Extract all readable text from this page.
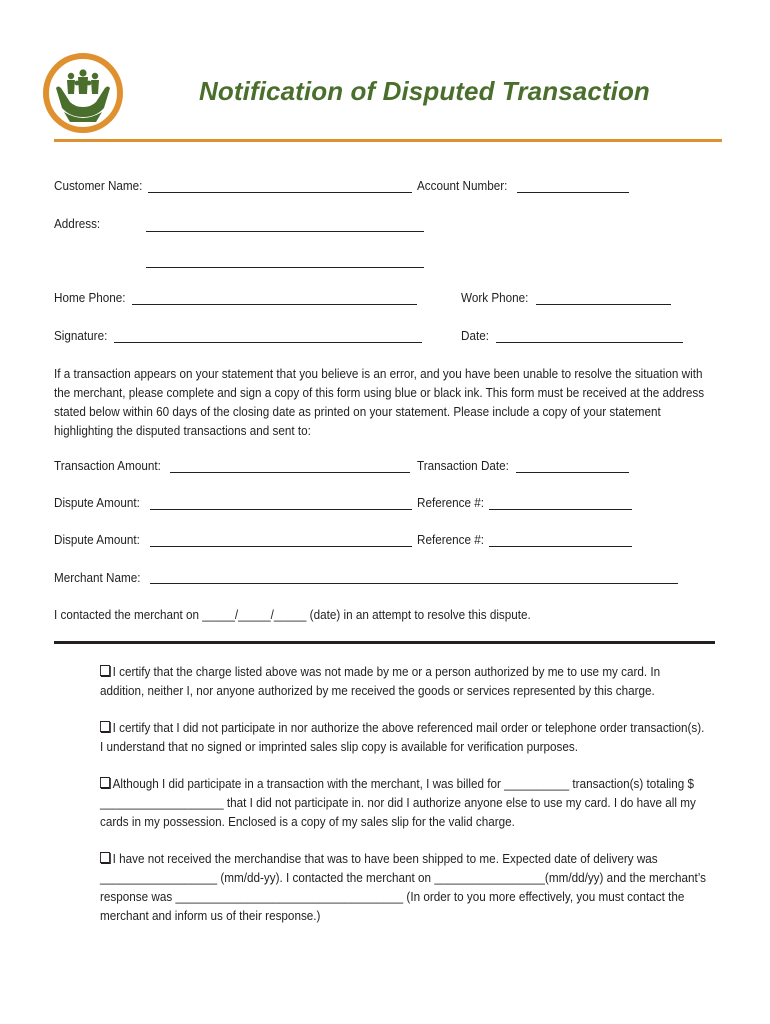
Notification of Disputed Transaction
Customer Name:	Account Number:
Address:
Home Phone:	Work Phone:
Signature:	Date:
If a transaction appears on your statement that you believe is an error, and you have been unable to resolve the situation with the merchant, please complete and sign a copy of this form using blue or black ink. This form must be received at the address stated below within 60 days of the closing date as printed on your statement. Please include a copy of your statement highlighting the disputed transactions and sent to:
Transaction Amount:	Transaction Date:
Dispute Amount:	Reference #:
Dispute Amount:	Reference #:
Merchant Name:
I contacted the merchant on _____/_____/_____ (date) in an attempt to resolve this dispute.
I certify that the charge listed above was not made by me or a person authorized by me to use my card. In addition, neither I, nor anyone authorized by me received the goods or services represented by this charge.
I certify that I did not participate in nor authorize the above referenced mail order or telephone order transaction(s). I understand that no signed or imprinted sales slip copy is available for verification purposes.
Although I did participate in a transaction with the merchant, I was billed for __________ transaction(s) totaling $ ___________________ that I did not participate in. nor did I authorize anyone else to use my card. I do have all my cards in my possession. Enclosed is a copy of my sales slip for the valid charge.
I have not received the merchandise that was to have been shipped to me. Expected date of delivery was __________________ (mm/dd-yy). I contacted the merchant on _________________(mm/dd/yy) and the merchant’s response was ___________________________________ (In order to you more effectively, you must contact the merchant and inform us of their response.)
